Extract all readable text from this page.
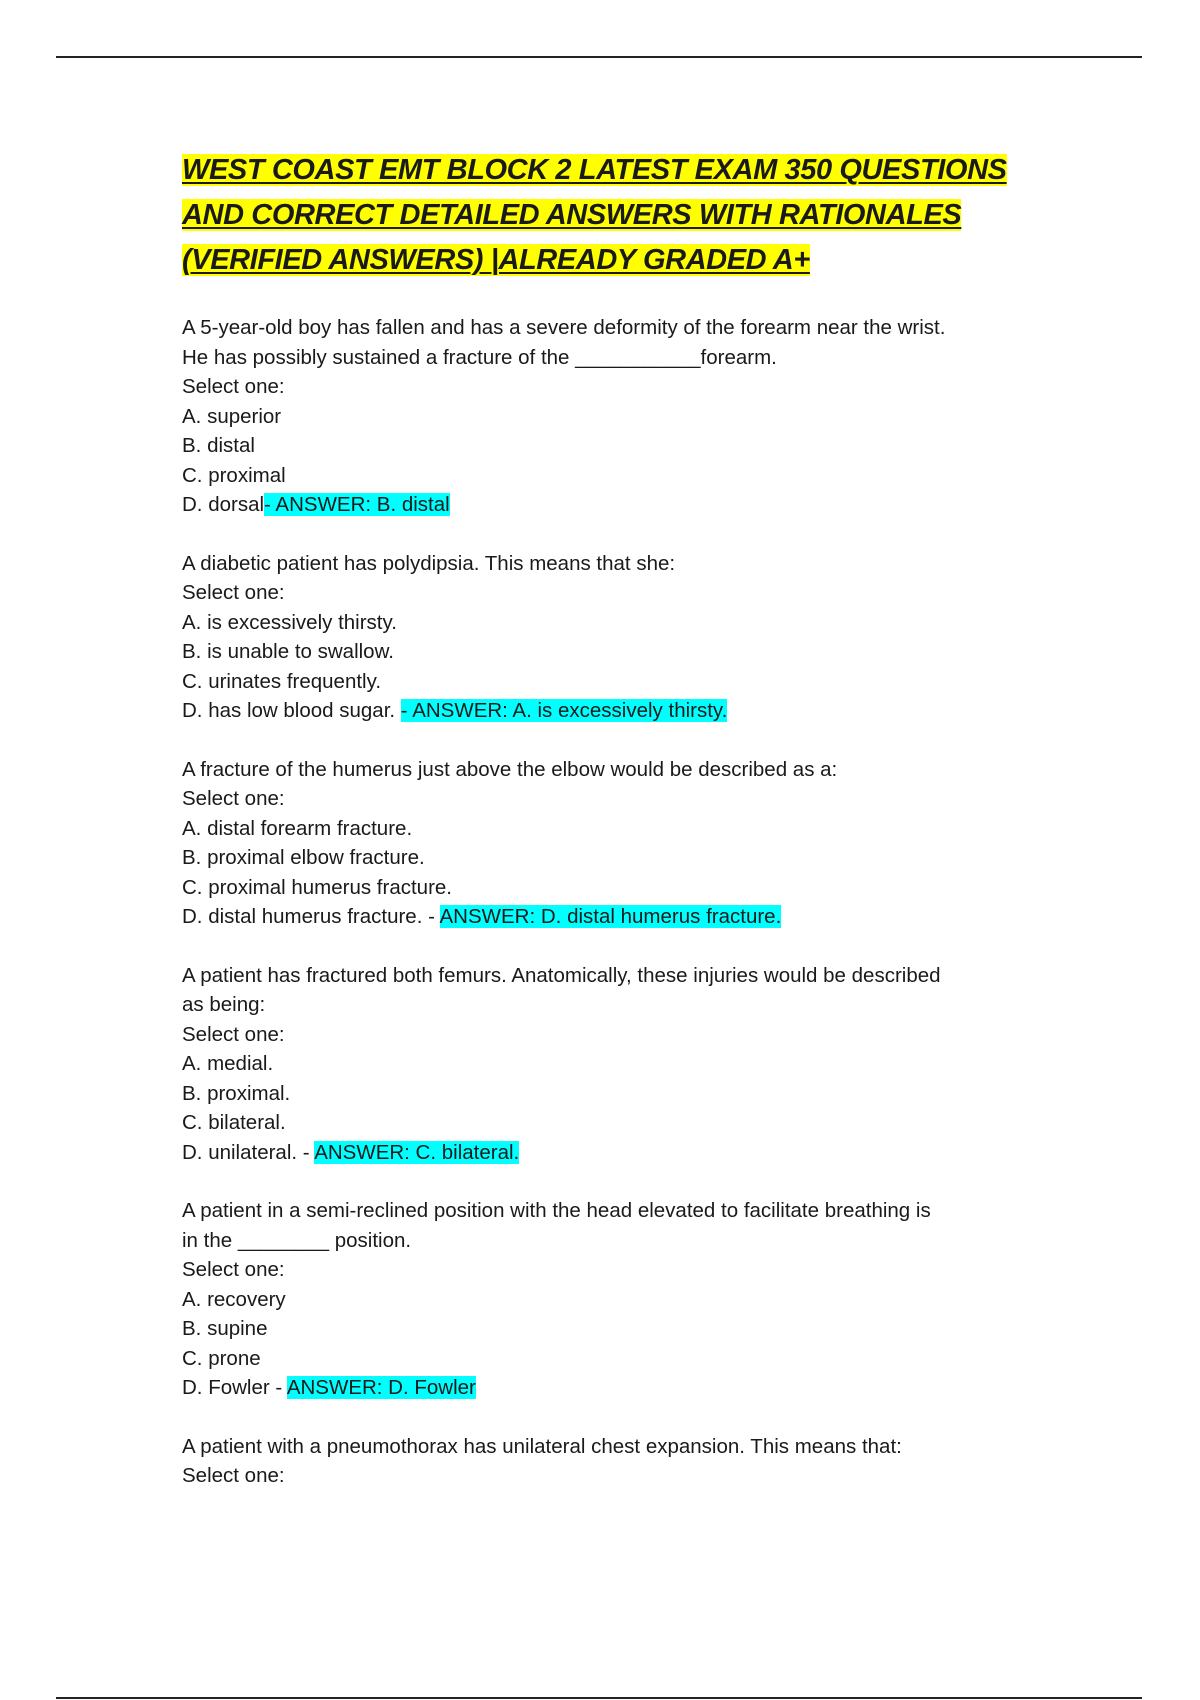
WEST COAST EMT BLOCK 2 LATEST EXAM 350 QUESTIONS AND CORRECT DETAILED ANSWERS WITH RATIONALES (VERIFIED ANSWERS) |ALREADY GRADED A+

A 5-year-old boy has fallen and has a severe deformity of the forearm near the wrist.
He has possibly sustained a fracture of the ___________forearm.
Select one:
A. superior
B. distal
C. proximal
D. dorsal- ANSWER: B. distal

A diabetic patient has polydipsia. This means that she:
Select one:
A. is excessively thirsty.
B. is unable to swallow.
C. urinates frequently.
D. has low blood sugar. - ANSWER: A. is excessively thirsty.

A fracture of the humerus just above the elbow would be described as a:
Select one:
A. distal forearm fracture.
B. proximal elbow fracture.
C. proximal humerus fracture.
D. distal humerus fracture. - ANSWER: D. distal humerus fracture.

A patient has fractured both femurs. Anatomically, these injuries would be described
as being:
Select one:
A. medial.
B. proximal.
C. bilateral.
D. unilateral. - ANSWER: C. bilateral.

A patient in a semi-reclined position with the head elevated to facilitate breathing is
in the ________ position.
Select one:
A. recovery
B. supine
C. prone
D. Fowler - ANSWER: D. Fowler

A patient with a pneumothorax has unilateral chest expansion. This means that:
Select one:
